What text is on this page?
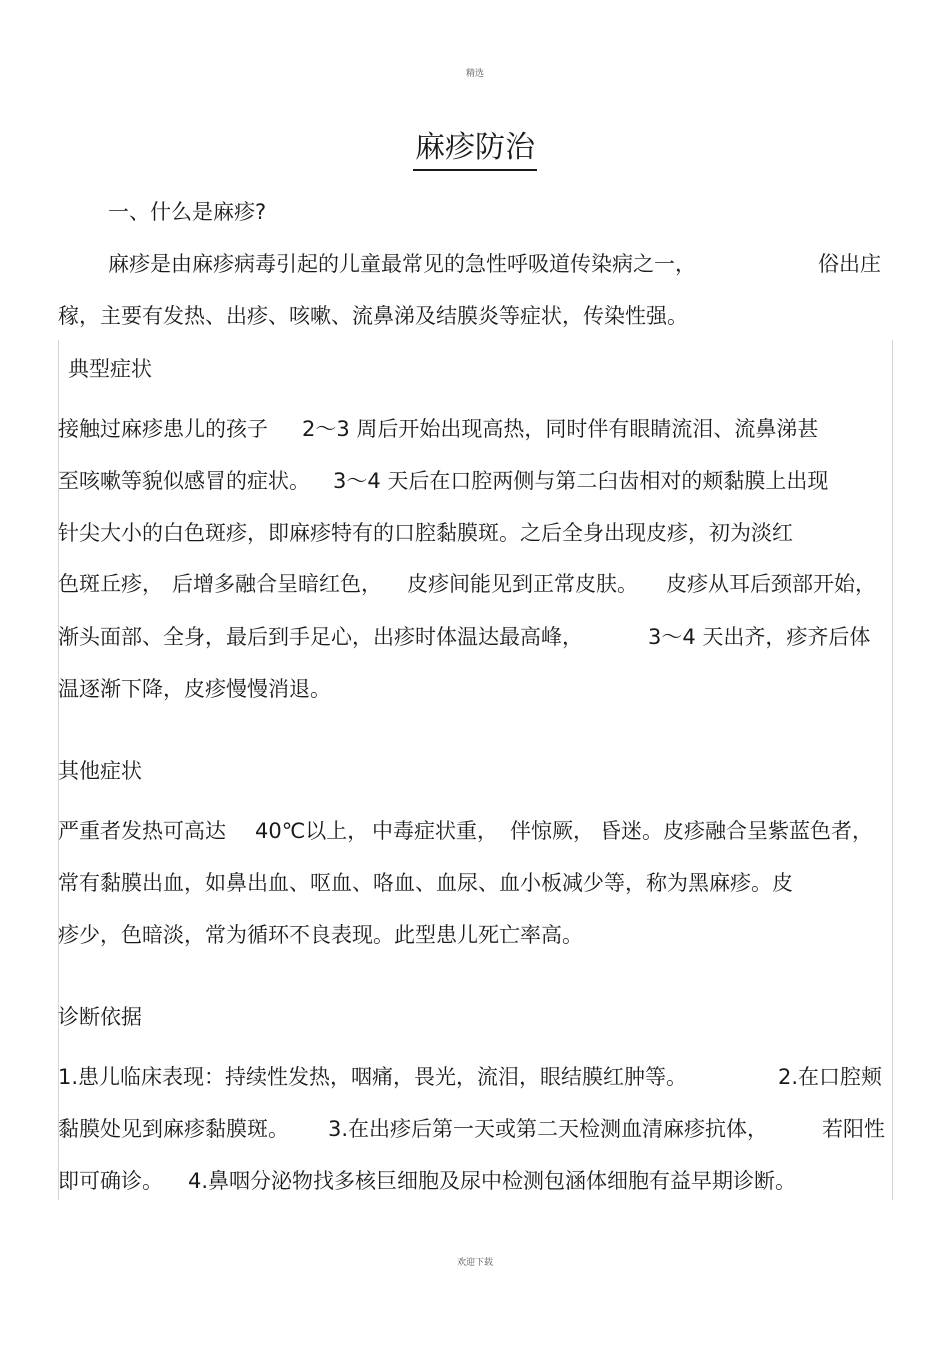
精选
欢迎下载
麻疹防治
一、什么是麻疹?
麻疹是由麻疹病毒引起的儿童最常见的急性呼吸道传染病之一，	俗出庄
稼，主要有发热、出疹、咳嗽、流鼻涕及结膜炎等症状，传染性强。
典型症状
接触过麻疹患儿的孩子 2～3 周后开始出现高热，同时伴有眼睛流泪、流鼻涕甚
至咳嗽等貌似感冒的症状。 3～4 天后在口腔两侧与第二臼齿相对的颊黏膜上出现
针尖大小的白色斑疹，即麻疹特有的口腔黏膜斑。之后全身出现皮疹，初为淡红
色斑丘疹， 后增多融合呈暗红色， 皮疹间能见到正常皮肤。 皮疹从耳后颈部开始，
渐头面部、全身，最后到手足心，出疹时体温达最高峰，	3～4 天出齐，疹齐后体
温逐渐下降，皮疹慢慢消退。
其他症状
严重者发热可高达 40℃以上， 中毒症状重， 伴惊厥， 昏迷。皮疹融合呈紫蓝色者，
常有黏膜出血，如鼻出血、呕血、咯血、血尿、血小板减少等，称为黑麻疹。皮
疹少，色暗淡，常为循环不良表现。此型患儿死亡率高。
诊断依据
1.患儿临床表现：持续性发热，咽痛，畏光，流泪，眼结膜红肿等。	2.在口腔颊
黏膜处见到麻疹黏膜斑。 3.在出疹后第一天或第二天检测血清麻疹抗体，	若阳性
即可确诊。 4.鼻咽分泌物找多核巨细胞及尿中检测包涵体细胞有益早期诊断。
